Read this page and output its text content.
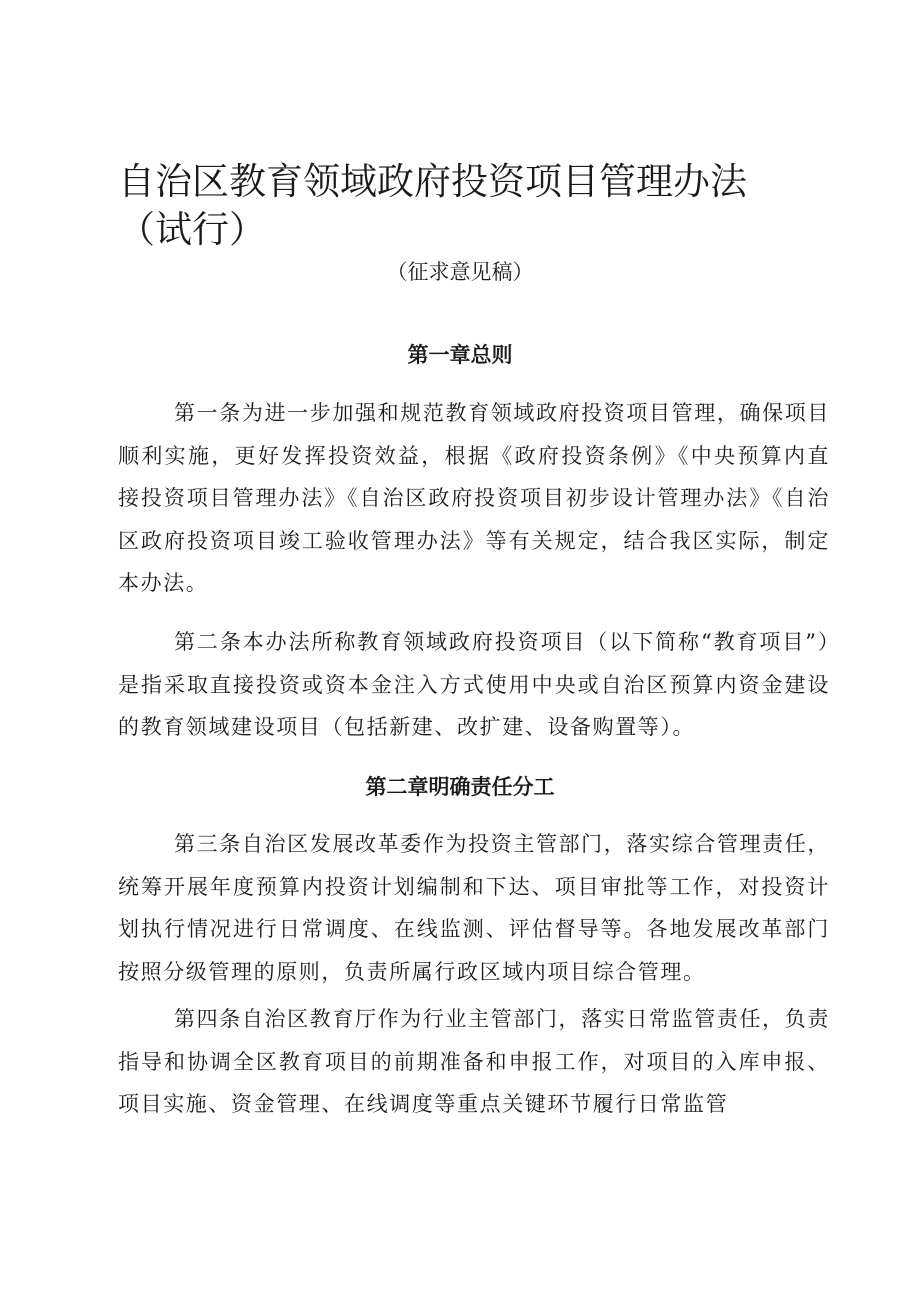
自治区教育领域政府投资项目管理办法（试行）

（征求意见稿）

第一章总则

第一条为进一步加强和规范教育领域政府投资项目管理，确保项目顺利实施，更好发挥投资效益，根据《政府投资条例》《中央预算内直接投资项目管理办法》《自治区政府投资项目初步设计管理办法》《自治区政府投资项目竣工验收管理办法》等有关规定，结合我区实际，制定本办法。

第二条本办法所称教育领域政府投资项目（以下简称“教育项目”）是指采取直接投资或资本金注入方式使用中央或自治区预算内资金建设的教育领域建设项目（包括新建、改扩建、设备购置等）。

第二章明确责任分工

第三条自治区发展改革委作为投资主管部门，落实综合管理责任，统筹开展年度预算内投资计划编制和下达、项目审批等工作，对投资计划执行情况进行日常调度、在线监测、评估督导等。各地发展改革部门按照分级管理的原则，负责所属行政区域内项目综合管理。

第四条自治区教育厅作为行业主管部门，落实日常监管责任，负责指导和协调全区教育项目的前期准备和申报工作，对项目的入库申报、项目实施、资金管理、在线调度等重点关键环节履行日常监管
